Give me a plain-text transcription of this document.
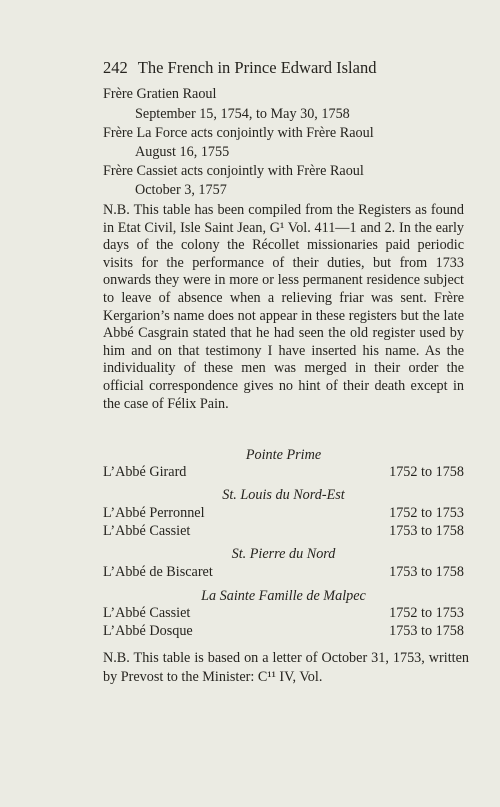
242 The French in Prince Edward Island
Frère Gratien Raoul
September 15, 1754, to May 30, 1758
Frère La Force acts conjointly with Frère Raoul
August 16, 1755
Frère Cassiet acts conjointly with Frère Raoul
October 3, 1757
N.B. This table has been compiled from the Registers as found in Etat Civil, Isle Saint Jean, G¹ Vol. 411—1 and 2. In the early days of the colony the Récollet missionaries paid periodic visits for the performance of their duties, but from 1733 onwards they were in more or less permanent residence subject to leave of absence when a relieving friar was sent. Frère Kergarion’s name does not appear in these registers but the late Abbé Casgrain stated that he had seen the old register used by him and on that testimony I have inserted his name. As the individuality of these men was merged in their order the official correspondence gives no hint of their death except in the case of Félix Pain.
Pointe Prime
L’Abbé Girard	1752 to 1758
St. Louis du Nord-Est
L’Abbé Perronnel	1752 to 1753
L’Abbé Cassiet	1753 to 1758
St. Pierre du Nord
L’Abbé de Biscaret	1753 to 1758
La Sainte Famille de Malpec
L’Abbé Cassiet	1752 to 1753
L’Abbé Dosque	1753 to 1758
N.B. This table is based on a letter of October 31, 1753, written by Prevost to the Minister: C¹¹ IV, Vol.
